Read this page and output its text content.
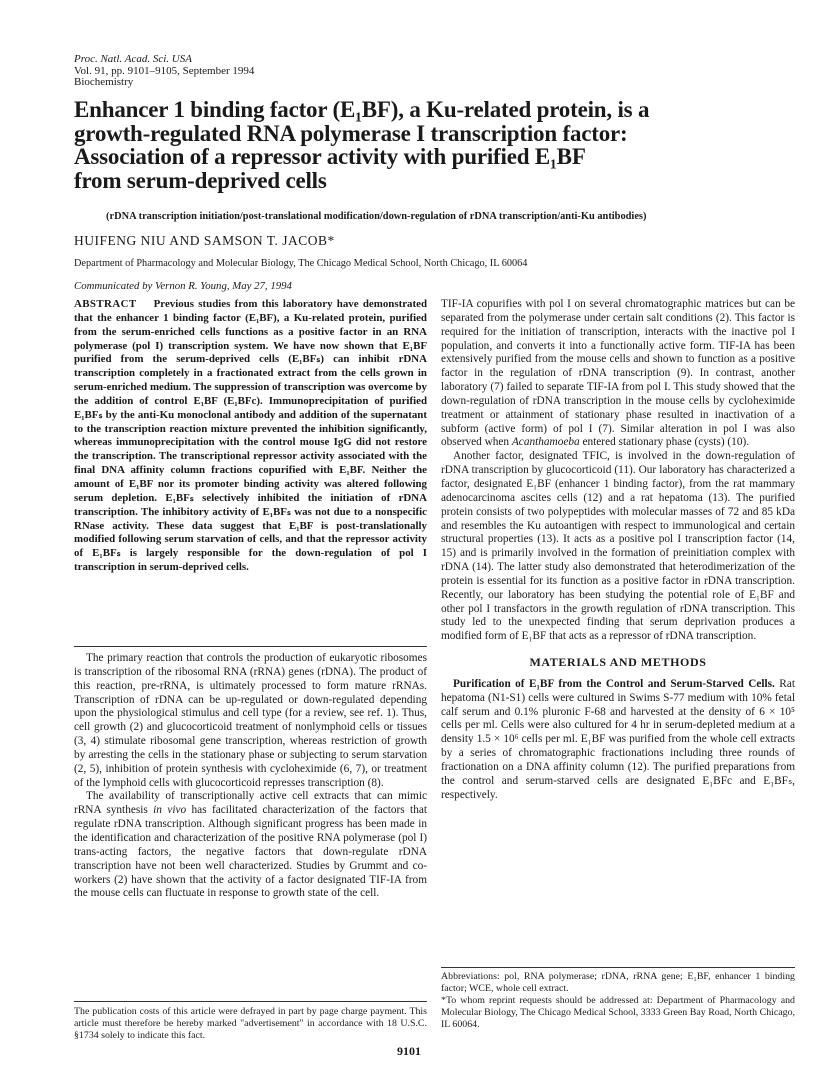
Proc. Natl. Acad. Sci. USA
Vol. 91, pp. 9101–9105, September 1994
Biochemistry
Enhancer 1 binding factor (E₁BF), a Ku-related protein, is a
growth-regulated RNA polymerase I transcription factor:
Association of a repressor activity with purified E₁BF
from serum-deprived cells
(rDNA transcription initiation/post-translational modification/down-regulation of rDNA transcription/anti-Ku antibodies)
HUIFENG NIU AND SAMSON T. JACOB*
Department of Pharmacology and Molecular Biology, The Chicago Medical School, North Chicago, IL 60064
Communicated by Vernon R. Young, May 27, 1994
ABSTRACT Previous studies from this laboratory have demonstrated that the enhancer 1 binding factor (E₁BF), a Ku-related protein, purified from the serum-enriched cells functions as a positive factor in an RNA polymerase (pol I) transcription system. We have now shown that E₁BF purified from the serum-deprived cells (E₁BFₛ) can inhibit rDNA transcription completely in a fractionated extract from the cells grown in serum-enriched medium. The suppression of transcription was overcome by the addition of control E₁BF (E₁BFc). Immunoprecipitation of purified E₁BFₛ by the anti-Ku monoclonal antibody and addition of the supernatant to the transcription reaction mixture prevented the inhibition significantly, whereas immunoprecipitation with the control mouse IgG did not restore the transcription. The transcriptional repressor activity associated with the final DNA affinity column fractions copurified with E₁BF. Neither the amount of E₁BF nor its promoter binding activity was altered following serum depletion. E₁BFₛ selectively inhibited the initiation of rDNA transcription. The inhibitory activity of E₁BFₛ was not due to a nonspecific RNase activity. These data suggest that E₁BF is post-translationally modified following serum starvation of cells, and that the repressor activity of E₁BFₛ is largely responsible for the down-regulation of pol I transcription in serum-deprived cells.

The primary reaction that controls the production of eukaryotic ribosomes is transcription of the ribosomal RNA (rRNA) genes (rDNA). The product of this reaction, pre-rRNA, is ultimately processed to form mature rRNAs. Transcription of rDNA can be up-regulated or down-regulated depending upon the physiological stimulus and cell type (for a review, see ref. 1). Thus, cell growth (2) and glucocorticoid treatment of nonlymphoid cells or tissues (3, 4) stimulate ribosomal gene transcription, whereas restriction of growth by arresting the cells in the stationary phase or subjecting to serum starvation (2, 5), inhibition of protein synthesis with cycloheximide (6, 7), or treatment of the lymphoid cells with glucocorticoid represses transcription (8).

The availability of transcriptionally active cell extracts that can mimic rRNA synthesis in vivo has facilitated characterization of the factors that regulate rDNA transcription. Although significant progress has been made in the identification and characterization of the positive RNA polymerase (pol I) trans-acting factors, the negative factors that down-regulate rDNA transcription have not been well characterized. Studies by Grummt and co-workers (2) have shown that the activity of a factor designated TIF-IA from the mouse cells can fluctuate in response to growth state of the cell.

The publication costs of this article were defrayed in part by page charge payment. This article must therefore be hereby marked "advertisement" in accordance with 18 U.S.C. §1734 solely to indicate this fact.

TIF-IA copurifies with pol I on several chromatographic matrices but can be separated from the polymerase under certain salt conditions (2). This factor is required for the initiation of transcription, interacts with the inactive pol I population, and converts it into a functionally active form. TIF-IA has been extensively purified from the mouse cells and shown to function as a positive factor in the regulation of rDNA transcription (9). In contrast, another laboratory (7) failed to separate TIF-IA from pol I. This study showed that the down-regulation of rDNA transcription in the mouse cells by cycloheximide treatment or attainment of stationary phase resulted in inactivation of a subform (active form) of pol I (7). Similar alteration in pol I was also observed when Acanthamoeba entered stationary phase (cysts) (10).

Another factor, designated TFIC, is involved in the down-regulation of rDNA transcription by glucocorticoid (11). Our laboratory has characterized a factor, designated E₁BF (enhancer 1 binding factor), from the rat mammary adenocarcinoma ascites cells (12) and a rat hepatoma (13). The purified protein consists of two polypeptides with molecular masses of 72 and 85 kDa and resembles the Ku autoantigen with respect to immunological and certain structural properties (13). It acts as a positive pol I transcription factor (14, 15) and is primarily involved in the formation of preinitiation complex with rDNA (14). The latter study also demonstrated that heterodimerization of the protein is essential for its function as a positive factor in rDNA transcription. Recently, our laboratory has been studying the potential role of E₁BF and other pol I transfactors in the growth regulation of rDNA transcription. This study led to the unexpected finding that serum deprivation produces a modified form of E₁BF that acts as a repressor of rDNA transcription.

MATERIALS AND METHODS

Purification of E₁BF from the Control and Serum-Starved Cells. Rat hepatoma (N1-S1) cells were cultured in Swims S-77 medium with 10% fetal calf serum and 0.1% pluronic F-68 and harvested at the density of 6 × 10⁵ cells per ml. Cells were also cultured for 4 hr in serum-depleted medium at a density 1.5 × 10⁶ cells per ml. E₁BF was purified from the whole cell extracts by a series of chromatographic fractionations including three rounds of fractionation on a DNA affinity column (12). The purified preparations from the control and serum-starved cells are designated E₁BFc and E₁BFₛ, respectively.

Abbreviations: pol, RNA polymerase; rDNA, rRNA gene; E₁BF, enhancer 1 binding factor; WCE, whole cell extract.
*To whom reprint requests should be addressed at: Department of Pharmacology and Molecular Biology, The Chicago Medical School, 3333 Green Bay Road, North Chicago, IL 60064.
9101
